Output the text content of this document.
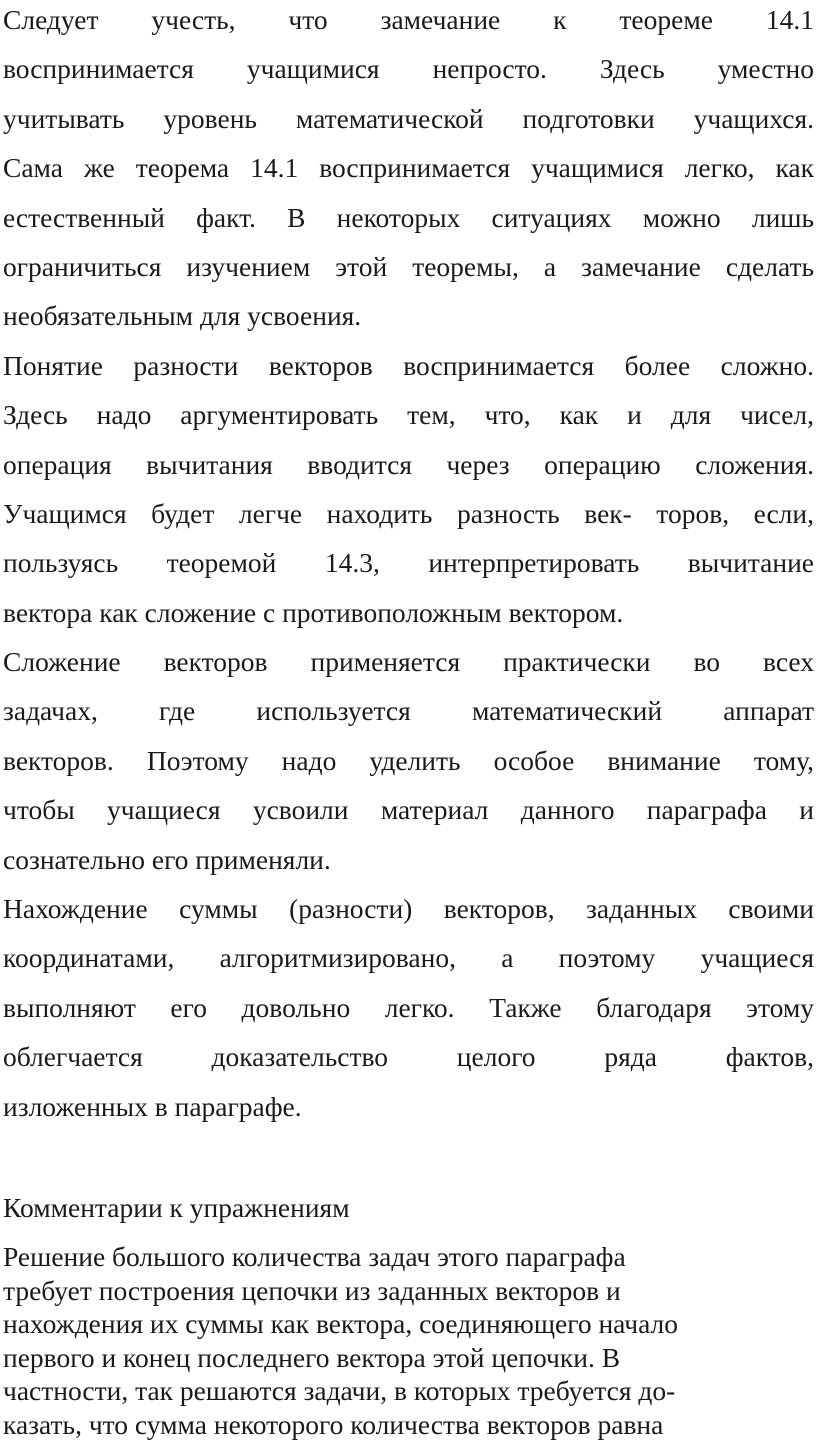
Следует учесть, что замечание к теореме 14.1
воспринимается учащимися непросто. Здесь уместно
учитывать уровень математической подготовки учащихся.
Сама же теорема 14.1 воспринимается учащимися легко, как
естественный факт. В некоторых ситуациях можно лишь
ограничиться изучением этой теоремы, а замечание сделать
необязательным для усвоения.
Понятие разности векторов воспринимается более сложно.
Здесь надо аргументировать тем, что, как и для чисел,
операция вычитания вводится через операцию сложения.
Учащимся будет легче находить разность век- торов, если,
пользуясь теоремой 14.3, интерпретировать вычитание
вектора как сложение с противоположным вектором.
Сложение векторов применяется практически во всех
задачах, где используется математический аппарат
векторов. Поэтому надо уделить особое внимание тому,
чтобы учащиеся усвоили материал данного параграфа и
сознательно его применяли.
Нахождение суммы (разности) векторов, заданных своими
координатами, алгоритмизировано, а поэтому учащиеся
выполняют его довольно легко. Также благодаря этому
облегчается доказательство целого ряда фактов,
изложенных в параграфе.
Комментарии к упражнениям
Решение большого количества задач этого параграфа
требует построения цепочки из заданных векторов и
нахождения их суммы как вектора, соединяющего начало
первого и конец последнего вектора этой цепочки. В
частности, так решаются задачи, в которых требуется до-
казать, что сумма некоторого количества векторов равна
